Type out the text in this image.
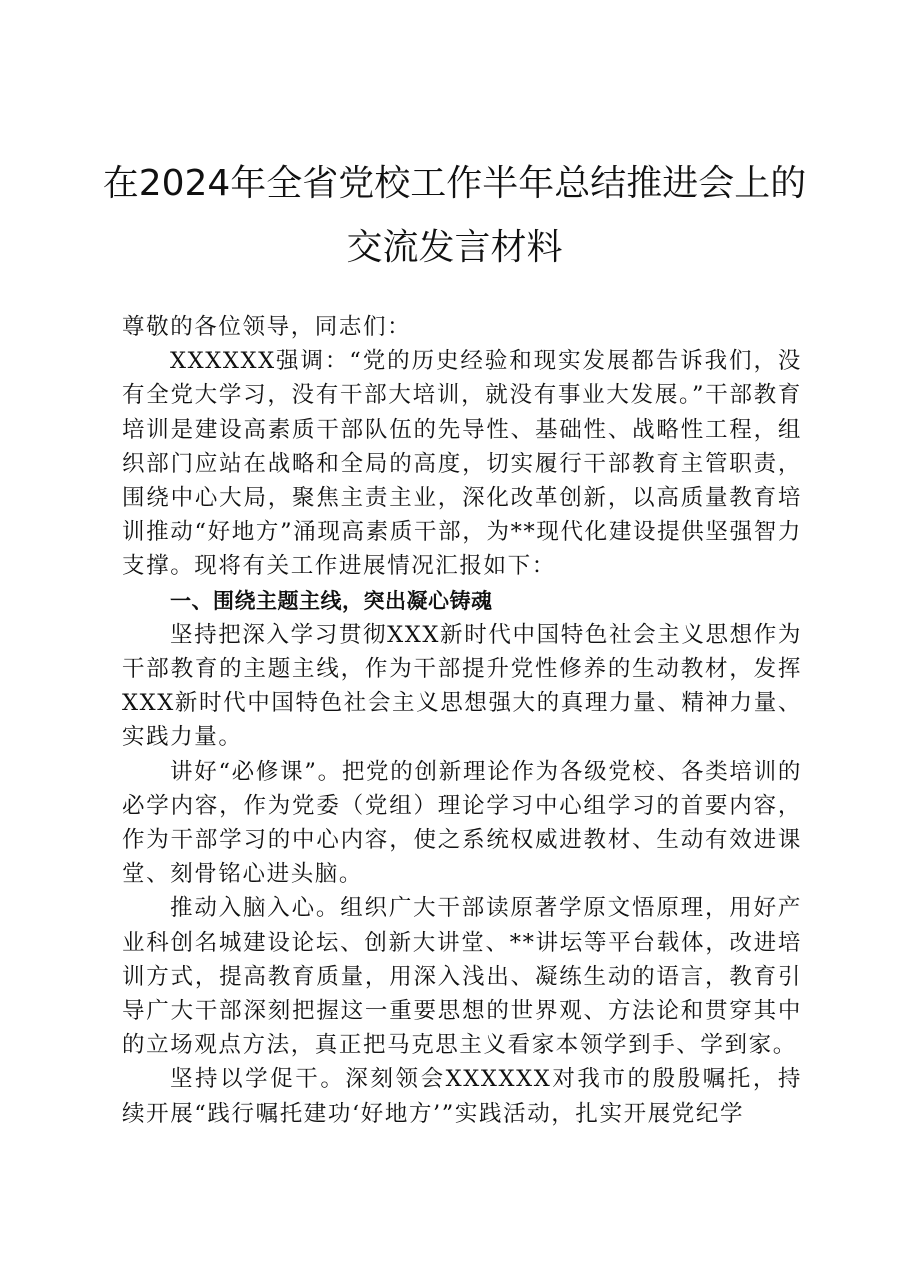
在2024年全省党校工作半年总结推进会上的
交流发言材料

尊敬的各位领导，同志们：

XXXXXX强调：“党的历史经验和现实发展都告诉我们，没有全党大学习，没有干部大培训，就没有事业大发展。”干部教育培训是建设高素质干部队伍的先导性、基础性、战略性工程，组织部门应站在战略和全局的高度，切实履行干部教育主管职责，围绕中心大局，聚焦主责主业，深化改革创新，以高质量教育培训推动“好地方”涌现高素质干部，为**现代化建设提供坚强智力支撑。现将有关工作进展情况汇报如下：

一、围绕主题主线，突出凝心铸魂

坚持把深入学习贯彻XXX新时代中国特色社会主义思想作为干部教育的主题主线，作为干部提升党性修养的生动教材，发挥XXX新时代中国特色社会主义思想强大的真理力量、精神力量、实践力量。

讲好“必修课”。把党的创新理论作为各级党校、各类培训的必学内容，作为党委（党组）理论学习中心组学习的首要内容，作为干部学习的中心内容，使之系统权威进教材、生动有效进课堂、刻骨铭心进头脑。

推动入脑入心。组织广大干部读原著学原文悟原理，用好产业科创名城建设论坛、创新大讲堂、**讲坛等平台载体，改进培训方式，提高教育质量，用深入浅出、凝练生动的语言，教育引导广大干部深刻把握这一重要思想的世界观、方法论和贯穿其中的立场观点方法，真正把马克思主义看家本领学到手、学到家。

坚持以学促干。深刻领会XXXXXX对我市的殷殷嘱托，持续开展“践行嘱托建功‘好地方’”实践活动，扎实开展党纪学
